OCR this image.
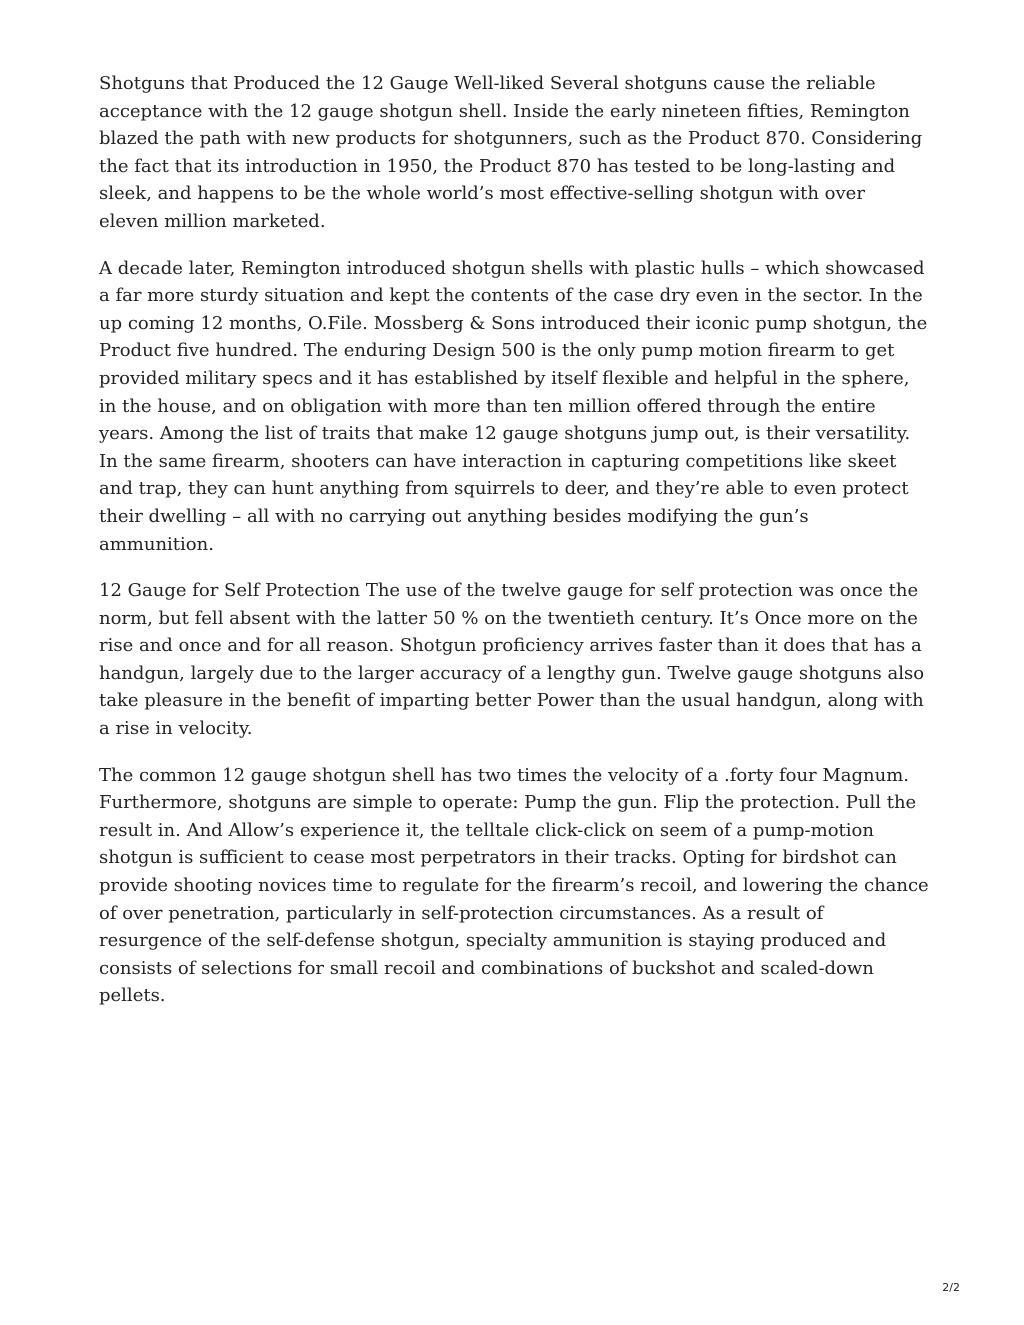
Shotguns that Produced the 12 Gauge Well-liked Several shotguns cause the reliable acceptance with the 12 gauge shotgun shell. Inside the early nineteen fifties, Remington blazed the path with new products for shotgunners, such as the Product 870. Considering the fact that its introduction in 1950, the Product 870 has tested to be long-lasting and sleek, and happens to be the whole world’s most effective-selling shotgun with over eleven million marketed.

A decade later, Remington introduced shotgun shells with plastic hulls – which showcased a far more sturdy situation and kept the contents of the case dry even in the sector. In the up coming 12 months, O.File. Mossberg & Sons introduced their iconic pump shotgun, the Product five hundred. The enduring Design 500 is the only pump motion firearm to get provided military specs and it has established by itself flexible and helpful in the sphere, in the house, and on obligation with more than ten million offered through the entire years. Among the list of traits that make 12 gauge shotguns jump out, is their versatility. In the same firearm, shooters can have interaction in capturing competitions like skeet and trap, they can hunt anything from squirrels to deer, and they’re able to even protect their dwelling – all with no carrying out anything besides modifying the gun’s ammunition.

12 Gauge for Self Protection The use of the twelve gauge for self protection was once the norm, but fell absent with the latter 50 % on the twentieth century. It’s Once more on the rise and once and for all reason. Shotgun proficiency arrives faster than it does that has a handgun, largely due to the larger accuracy of a lengthy gun. Twelve gauge shotguns also take pleasure in the benefit of imparting better Power than the usual handgun, along with a rise in velocity.

The common 12 gauge shotgun shell has two times the velocity of a .forty four Magnum. Furthermore, shotguns are simple to operate: Pump the gun. Flip the protection. Pull the result in. And Allow’s experience it, the telltale click-click on seem of a pump-motion shotgun is sufficient to cease most perpetrators in their tracks. Opting for birdshot can provide shooting novices time to regulate for the firearm’s recoil, and lowering the chance of over penetration, particularly in self-protection circumstances. As a result of resurgence of the self-defense shotgun, specialty ammunition is staying produced and consists of selections for small recoil and combinations of buckshot and scaled-down pellets.

2/2
